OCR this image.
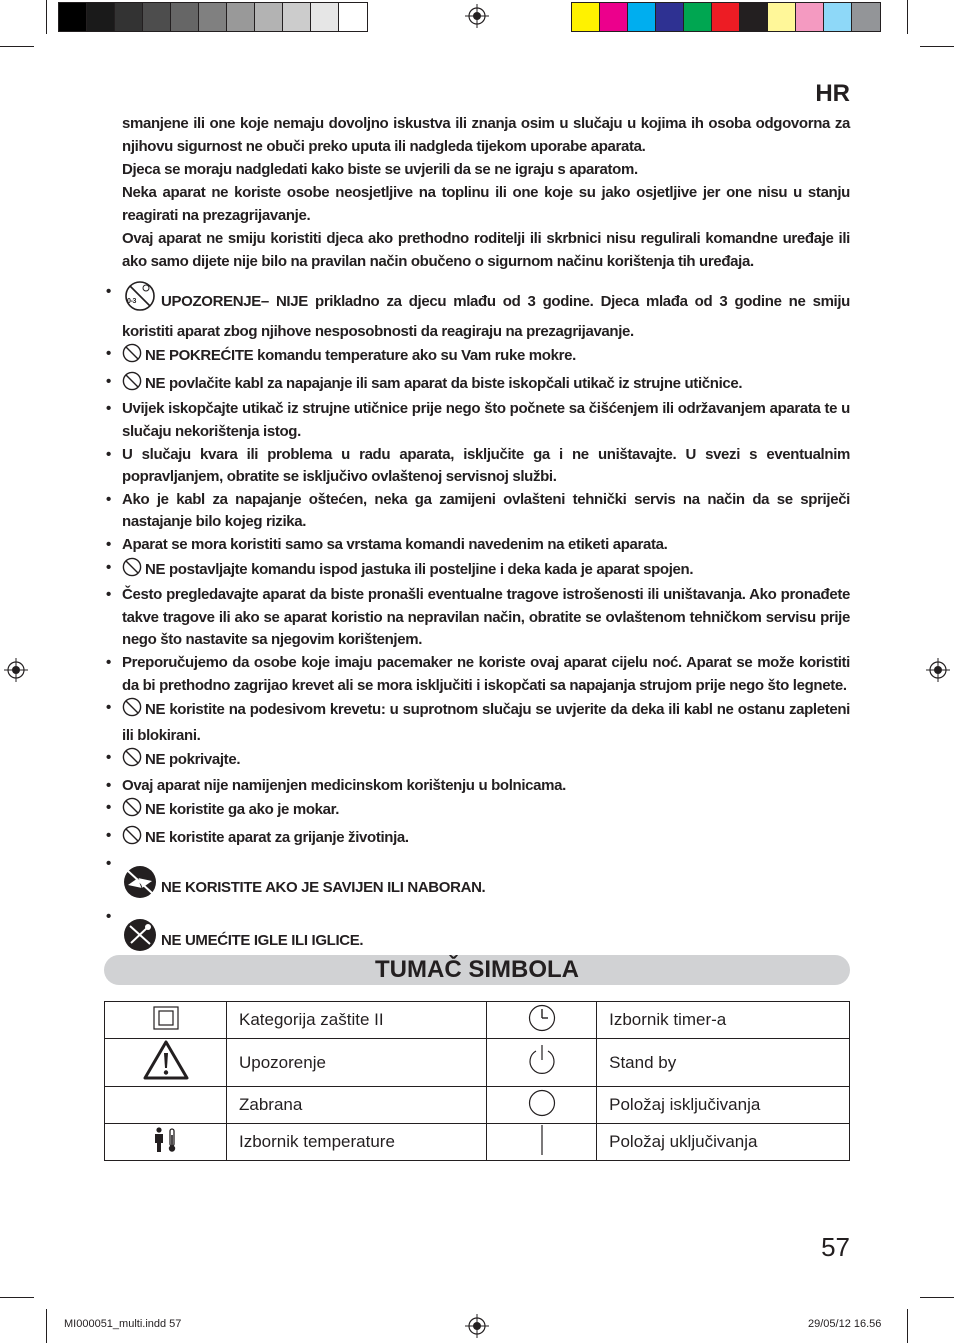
HR

smanjene ili one koje nemaju dovoljno iskustva ili znanja osim u slučaju u kojima ih osoba odgovorna za njihovu sigurnost ne obuči preko uputa ili nadgleda tijekom uporabe aparata.

Djeca se moraju nadgledati kako biste se uvjerili da se ne igraju s aparatom.

Neka aparat ne koriste osobe neosjetljive na toplinu ili one koje su jako osjetljive jer one nisu u stanju reagirati na prezagrijavanje.

Ovaj aparat ne smiju koristiti djeca ako prethodno roditelji ili skrbnici nisu regulirali komandne uređaje ili ako samo dijete nije bilo na pravilan način obučeno o sigurnom načinu korištenja tih uređaja.

•
0-3 UPOZORENJE– NIJE prikladno za djecu mlađu od 3 godine. Djeca mlađa od 3 godine ne smiju koristiti aparat zbog njihove nesposobnosti da reagiraju na prezagrijavanje.
• NE POKREĆITE komandu temperature ako su Vam ruke mokre.
• NE povlačite kabl za napajanje ili sam aparat da biste iskopčali utikač iz strujne utičnice.
• Uvijek iskopčajte utikač iz strujne utičnice prije nego što počnete sa čišćenjem ili održavanjem aparata te u slučaju nekorištenja istog.
• U slučaju kvara ili problema u radu aparata, isključite ga i ne uništavajte. U svezi s eventualnim popravljanjem, obratite se isključivo ovlaštenoj servisnoj službi.
• Ako je kabl za napajanje oštećen, neka ga zamijeni ovlašteni tehnički servis na način da se spriječi nastajanje bilo kojeg rizika.
• Aparat se mora koristiti samo sa vrstama komandi navedenim na etiketi aparata.
• NE postavljajte komandu ispod jastuka ili posteljine i deka kada je aparat spojen.
• Često pregledavajte aparat da biste pronašli eventualne tragove istrošenosti ili uništavanja. Ako pronađete takve tragove ili ako se aparat koristio na nepravilan način, obratite se ovlaštenom tehničkom servisu prije nego što nastavite sa njegovim korištenjem.
• Preporučujemo da osobe koje imaju pacemaker ne koriste ovaj aparat cijelu noć. Aparat se može koristiti da bi prethodno zagrijao krevet ali se mora isključiti i iskopčati sa napajanja strujom prije nego što legnete.
• NE koristite na podesivom krevetu: u suprotnom slučaju se uvjerite da deka ili kabl ne ostanu zapleteni ili blokirani.
• NE pokrivajte.
• Ovaj aparat nije namijenjen medicinskom korištenju u bolnicama.
• NE koristite ga ako je mokar.
• NE koristite aparat za grijanje životinja.
•
NE KORISTITE AKO JE SAVIJEN ILI NABORAN.
•
NE UMEĆITE IGLE ILI IGLICE.
TUMAČ SIMBOLA
	Kategorija zaštite II		Izbornik timer-a
	Upozorenje		Stand by
	Zabrana		Položaj isključivanja
	Izbornik temperature		Položaj uključivanja
57
MI000051_multi.indd 57	29/05/12 16.56
